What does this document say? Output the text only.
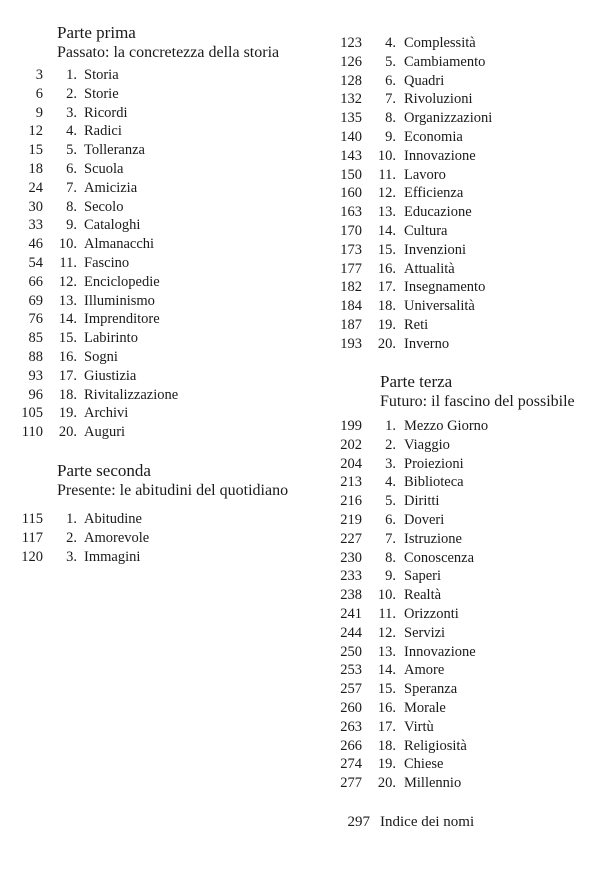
Parte prima
Passato: la concretezza della storia
3	1. Storia
6	2. Storie
9	3. Ricordi
12	4. Radici
15	5. Tolleranza
18	6. Scuola
24	7. Amicizia
30	8. Secolo
33	9. Cataloghi
46	10. Almanacchi
54	11. Fascino
66	12. Enciclopedie
69	13. Illuminismo
76	14. Imprenditore
85	15. Labirinto
88	16. Sogni
93	17. Giustizia
96	18. Rivitalizzazione
105	19. Archivi
110	20. Auguri
Parte seconda
Presente: le abitudini del quotidiano
115	1. Abitudine
117	2. Amorevole
120	3. Immagini
123	4. Complessità
126	5. Cambiamento
128	6. Quadri
132	7. Rivoluzioni
135	8. Organizzazioni
140	9. Economia
143	10. Innovazione
150	11. Lavoro
160	12. Efficienza
163	13. Educazione
170	14. Cultura
173	15. Invenzioni
177	16. Attualità
182	17. Insegnamento
184	18. Universalità
187	19. Reti
193	20. Inverno
Parte terza
Futuro: il fascino del possibile
199	1. Mezzo Giorno
202	2. Viaggio
204	3. Proiezioni
213	4. Biblioteca
216	5. Diritti
219	6. Doveri
227	7. Istruzione
230	8. Conoscenza
233	9. Saperi
238	10. Realtà
241	11. Orizzonti
244	12. Servizi
250	13. Innovazione
253	14. Amore
257	15. Speranza
260	16. Morale
263	17. Virtù
266	18. Religiosità
274	19. Chiese
277	20. Millennio
297 Indice dei nomi
